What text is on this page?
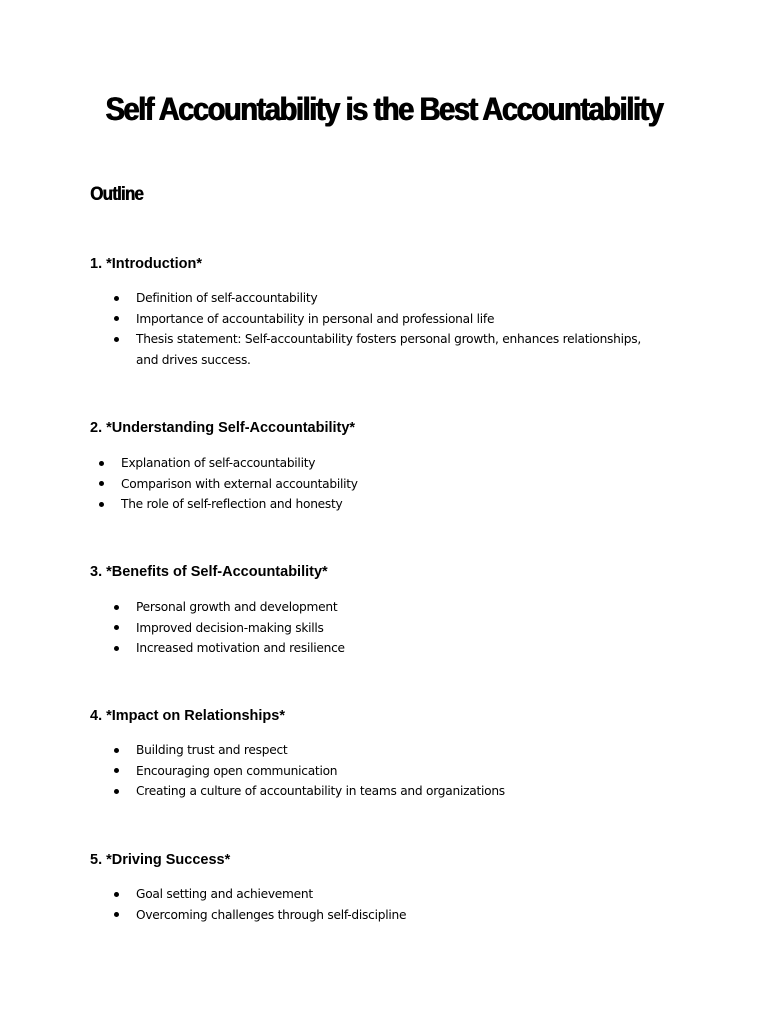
Self Accountability is the Best Accountability
Outline
1. *Introduction*
Definition of self-accountability
Importance of accountability in personal and professional life
Thesis statement: Self-accountability fosters personal growth, enhances relationships, and drives success.
2. *Understanding Self-Accountability*
Explanation of self-accountability
Comparison with external accountability
The role of self-reflection and honesty
3. *Benefits of Self-Accountability*
Personal growth and development
Improved decision-making skills
Increased motivation and resilience
4. *Impact on Relationships*
Building trust and respect
Encouraging open communication
Creating a culture of accountability in teams and organizations
5. *Driving Success*
Goal setting and achievement
Overcoming challenges through self-discipline
